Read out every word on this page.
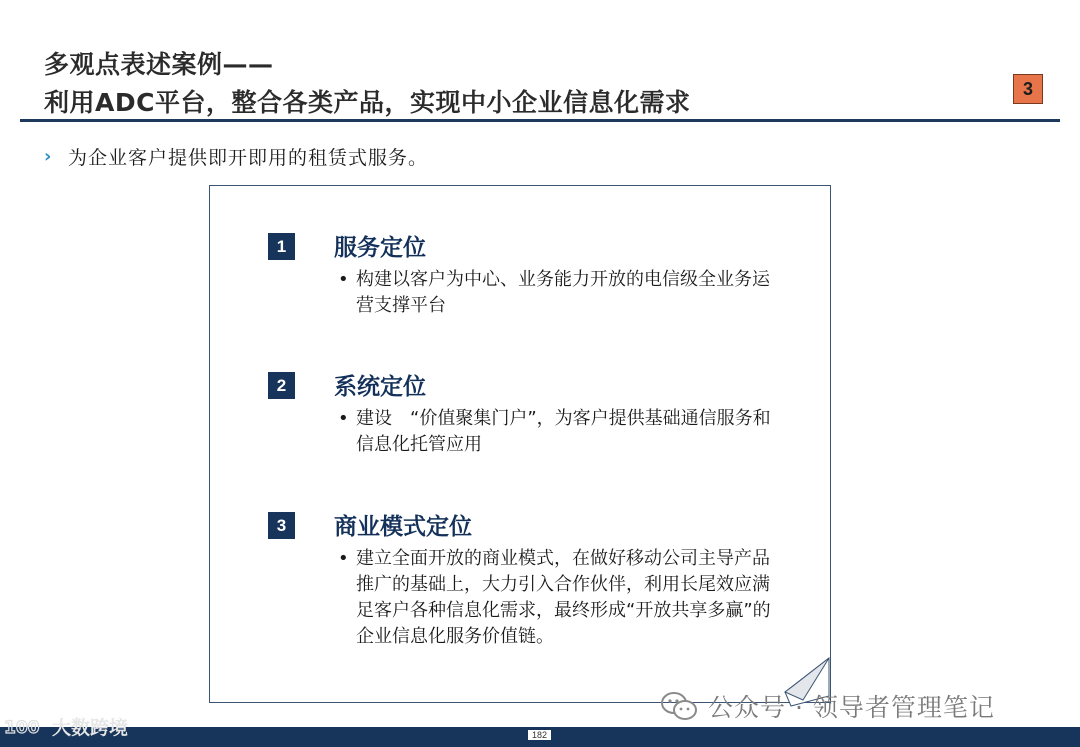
多观点表述案例——
利用ADC平台，整合各类产品，实现中小企业信息化需求	3
› 为企业客户提供即开即用的租赁式服务。
1	服务定位
• 构建以客户为中心、业务能力开放的电信级全业务运营支撑平台
2	系统定位
• 建设　“价值聚集门户”，为客户提供基础通信服务和信息化托管应用
3	商业模式定位
• 建立全面开放的商业模式，在做好移动公司主导产品推广的基础上，大力引入合作伙伴，利用长尾效应满足客户各种信息化需求，最终形成“开放共享多赢”的企业信息化服务价值链。
公众号 · 领导者管理笔记
182
100 大数跨境
